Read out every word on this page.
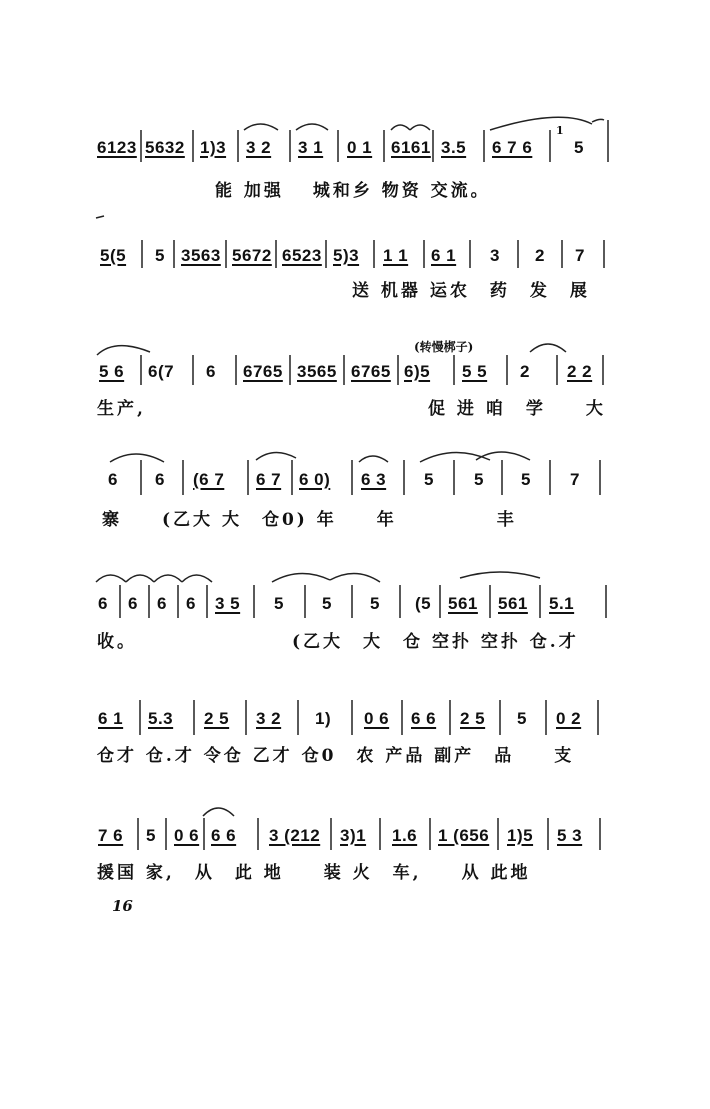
6123 5632 1)3 3 2 3 1 0 1 6161 3.5 6 7 6
1
5
能 加强　 城和乡 物资 交流。
5(5 5 3563 5672 6523 5)3 1 1 6 1 3 2 7
送 机器 运农　药　发　展
(转慢梆子)
5 6 6(7 6 6765 3565 6765 6)5 5 5 2 2 2
生产,	促 进 咱　学　　大
6 6 (6 7 6 7 6 0) 6 3 5 5 5 7
寨　　(乙大 大　仓0) 年　　年　　　　　丰
6 6 6 6 3 5 5 5 5 (5 561 561 5.1
收。	(乙大　大　仓 空扑 空扑 仓.才
6 1 5.3 2 5 3 2 1) 0 6 6 6 2 5 5 0 2
仓才 仓.才 令仓 乙才 仓0　农 产品 副产　品　　支
7 6 5 0 6 6 6 3 (212 3)1 1.6 1 (656 1)5 5 3
援国 家,　从　此 地　　装 火　车,　　从 此地
16
